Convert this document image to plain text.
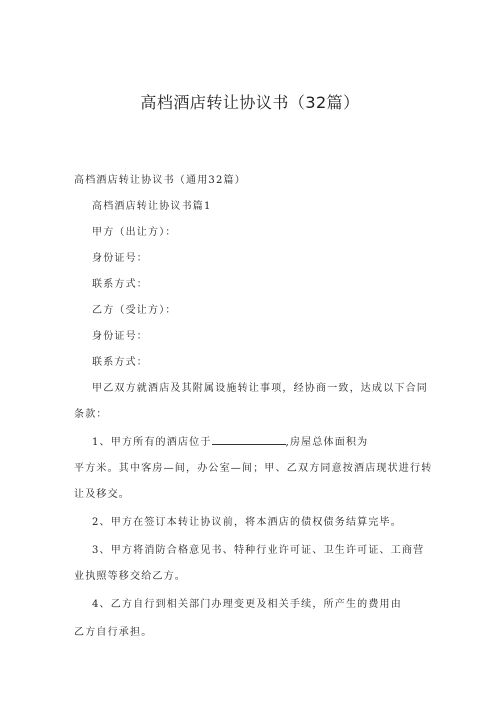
高档酒店转让协议书（32篇）
高档酒店转让协议书（通用32篇）
高档酒店转让协议书篇1
甲方（出让方）：
身份证号：
联系方式：
乙方（受让方）：
身份证号：
联系方式：
甲乙双方就酒店及其附属设施转让事项，经协商一致，达成以下合同
条款：
1、甲方所有的酒店位于	,房屋总体面积为
平方米。其中客房—间，办公室—间；甲、乙双方同意按酒店现状进行转
让及移交。
2、甲方在签订本转让协议前，将本酒店的债权债务结算完毕。
3、甲方将消防合格意见书、特种行业许可证、卫生许可证、工商营
业执照等移交给乙方。
4、乙方自行到相关部门办理变更及相关手续，所产生的费用由
乙方自行承担。
